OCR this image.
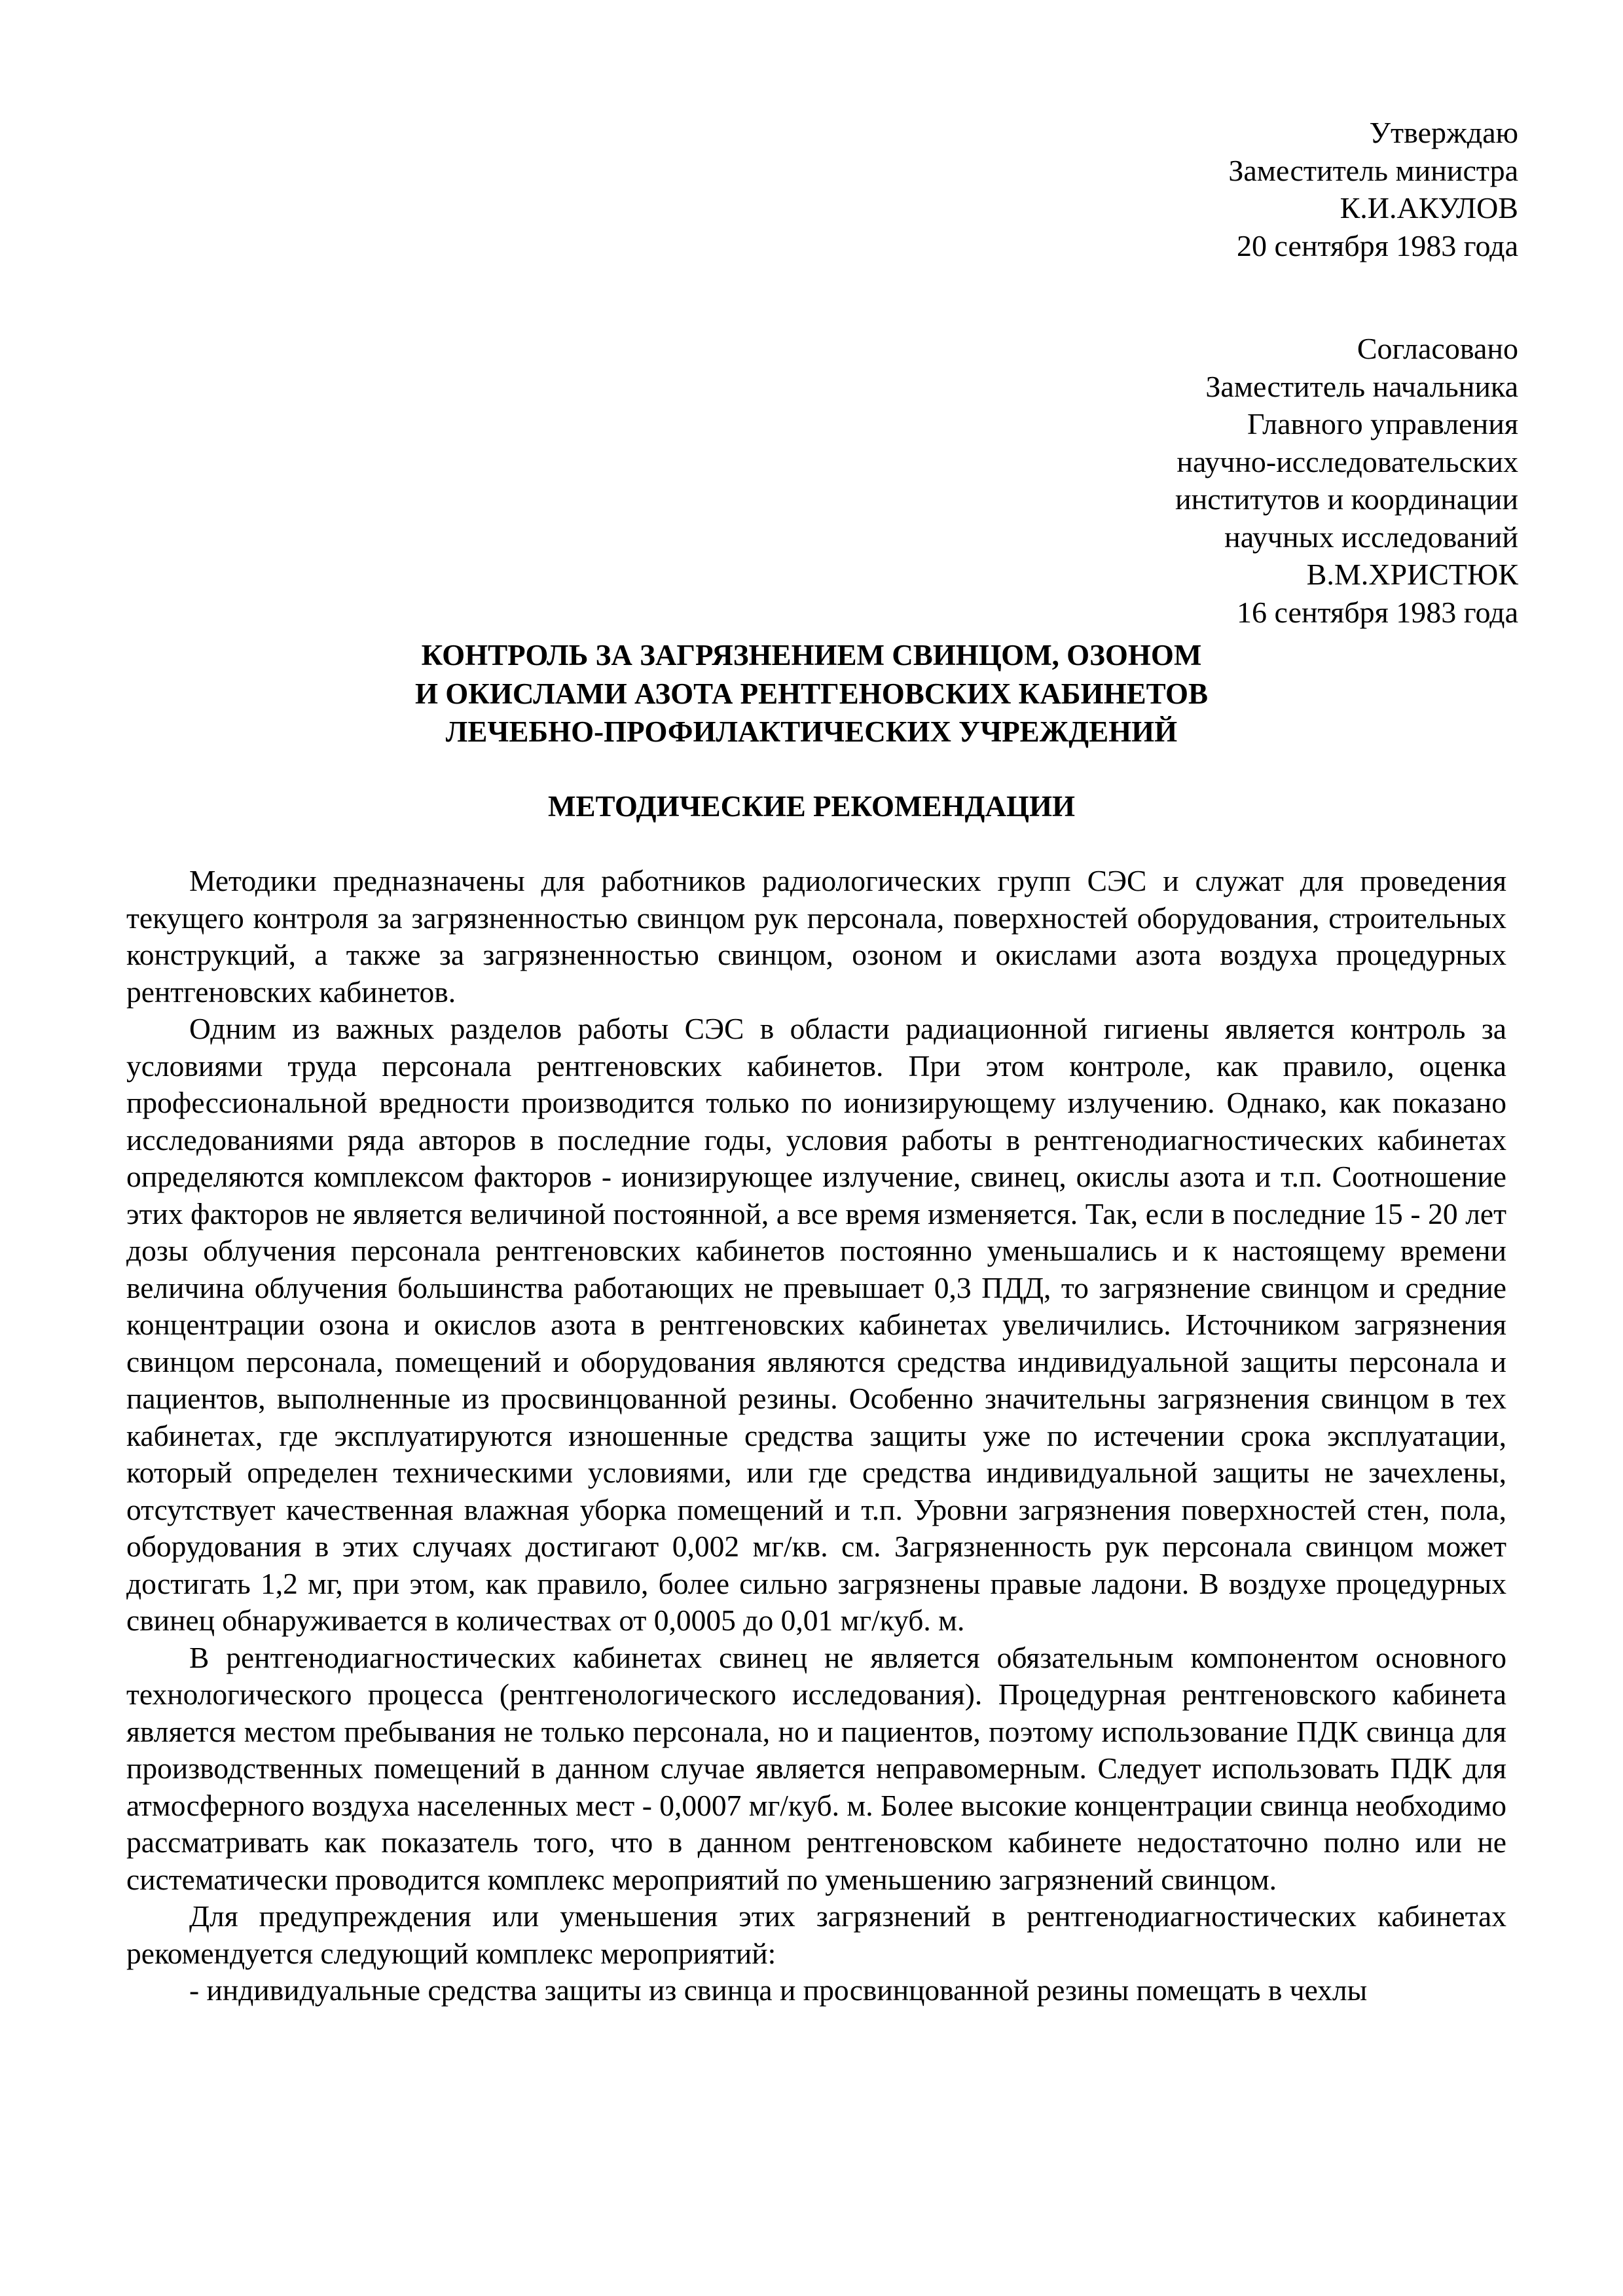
Утверждаю
Заместитель министра
К.И.АКУЛОВ
20 сентября 1983 года
Согласовано
Заместитель начальника
Главного управления
научно-исследовательских
институтов и координации
научных исследований
В.М.ХРИСТЮК
16 сентября 1983 года
КОНТРОЛЬ ЗА ЗАГРЯЗНЕНИЕМ СВИНЦОМ, ОЗОНОМ
И ОКИСЛАМИ АЗОТА РЕНТГЕНОВСКИХ КАБИНЕТОВ
ЛЕЧЕБНО-ПРОФИЛАКТИЧЕСКИХ УЧРЕЖДЕНИЙ
МЕТОДИЧЕСКИЕ РЕКОМЕНДАЦИИ

Методики предназначены для работников радиологических групп СЭС и служат для проведения текущего контроля за загрязненностью свинцом рук персонала, поверхностей оборудования, строительных конструкций, а также за загрязненностью свинцом, озоном и окислами азота воздуха процедурных рентгеновских кабинетов.

Одним из важных разделов работы СЭС в области радиационной гигиены является контроль за условиями труда персонала рентгеновских кабинетов. При этом контроле, как правило, оценка профессиональной вредности производится только по ионизирующему излучению. Однако, как показано исследованиями ряда авторов в последние годы, условия работы в рентгенодиагностических кабинетах определяются комплексом факторов - ионизирующее излучение, свинец, окислы азота и т.п. Соотношение этих факторов не является величиной постоянной, а все время изменяется. Так, если в последние 15 - 20 лет дозы облучения персонала рентгеновских кабинетов постоянно уменьшались и к настоящему времени величина облучения большинства работающих не превышает 0,3 ПДД, то загрязнение свинцом и средние концентрации озона и окислов азота в рентгеновских кабинетах увеличились. Источником загрязнения свинцом персонала, помещений и оборудования являются средства индивидуальной защиты персонала и пациентов, выполненные из просвинцованной резины. Особенно значительны загрязнения свинцом в тех кабинетах, где эксплуатируются изношенные средства защиты уже по истечении срока эксплуатации, который определен техническими условиями, или где средства индивидуальной защиты не зачехлены, отсутствует качественная влажная уборка помещений и т.п. Уровни загрязнения поверхностей стен, пола, оборудования в этих случаях достигают 0,002 мг/кв. см. Загрязненность рук персонала свинцом может достигать 1,2 мг, при этом, как правило, более сильно загрязнены правые ладони. В воздухе процедурных свинец обнаруживается в количествах от 0,0005 до 0,01 мг/куб. м.

В рентгенодиагностических кабинетах свинец не является обязательным компонентом основного технологического процесса (рентгенологического исследования). Процедурная рентгеновского кабинета является местом пребывания не только персонала, но и пациентов, поэтому использование ПДК свинца для производственных помещений в данном случае является неправомерным. Следует использовать ПДК для атмосферного воздуха населенных мест - 0,0007 мг/куб. м. Более высокие концентрации свинца необходимо рассматривать как показатель того, что в данном рентгеновском кабинете недостаточно полно или не систематически проводится комплекс мероприятий по уменьшению загрязнений свинцом.

Для предупреждения или уменьшения этих загрязнений в рентгенодиагностических кабинетах рекомендуется следующий комплекс мероприятий:

- индивидуальные средства защиты из свинца и просвинцованной резины помещать в чехлы
